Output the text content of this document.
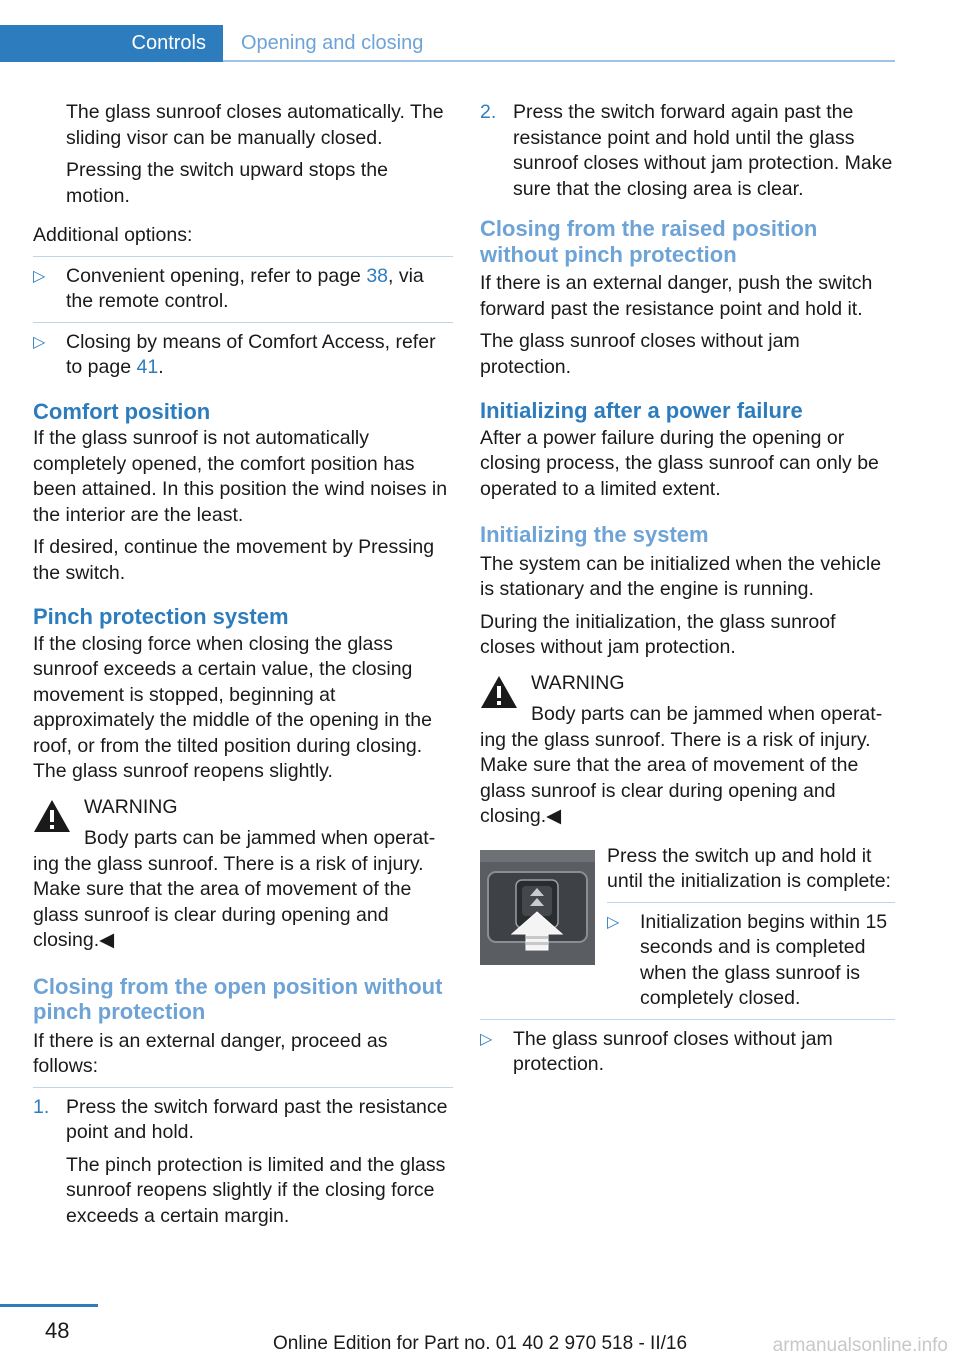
Controls Opening and closing

The glass sunroof closes automatically. The sliding visor can be manually closed.

Pressing the switch upward stops the motion.

Additional options:

▷ Convenient opening, refer to page 38, via the remote control.
▷ Closing by means of Comfort Access, refer to page 41.
Comfort position

If the glass sunroof is not automatically completely opened, the comfort position has been attained. In this position the wind noises in the interior are the least.

If desired, continue the movement by Pressing the switch.

Pinch protection system

If the closing force when closing the glass sunroof exceeds a certain value, the closing movement is stopped, beginning at approximately the middle of the opening in the roof, or from the tilted position during closing. The glass sunroof reopens slightly.

WARNING
Body parts can be jammed when operat-
ing the glass sunroof. There is a risk of injury. Make sure that the area of movement of the glass sunroof is clear during opening and closing.◀
Closing from the open position without pinch protection

If there is an external danger, proceed as follows:

1. Press the switch forward past the resistance point and hold.

The pinch protection is limited and the glass sunroof reopens slightly if the closing force exceeds a certain margin.

2. Press the switch forward again past the resistance point and hold until the glass sunroof closes without jam protection. Make sure that the closing area is clear.

Closing from the raised position without pinch protection

If there is an external danger, push the switch forward past the resistance point and hold it.

The glass sunroof closes without jam protection.

Initializing after a power failure

After a power failure during the opening or closing process, the glass sunroof can only be operated to a limited extent.

Initializing the system

The system can be initialized when the vehicle is stationary and the engine is running.

During the initialization, the glass sunroof closes without jam protection.

WARNING
Body parts can be jammed when operat-
ing the glass sunroof. There is a risk of injury. Make sure that the area of movement of the glass sunroof is clear during opening and closing.◀

Press the switch up and hold it until the initialization is complete:

▷ Initialization begins within 15 seconds and is completed when the glass sunroof is completely closed.
▷ The glass sunroof closes without jam protection.
48
Online Edition for Part no. 01 40 2 970 518 - II/16	armanualsonline.info
